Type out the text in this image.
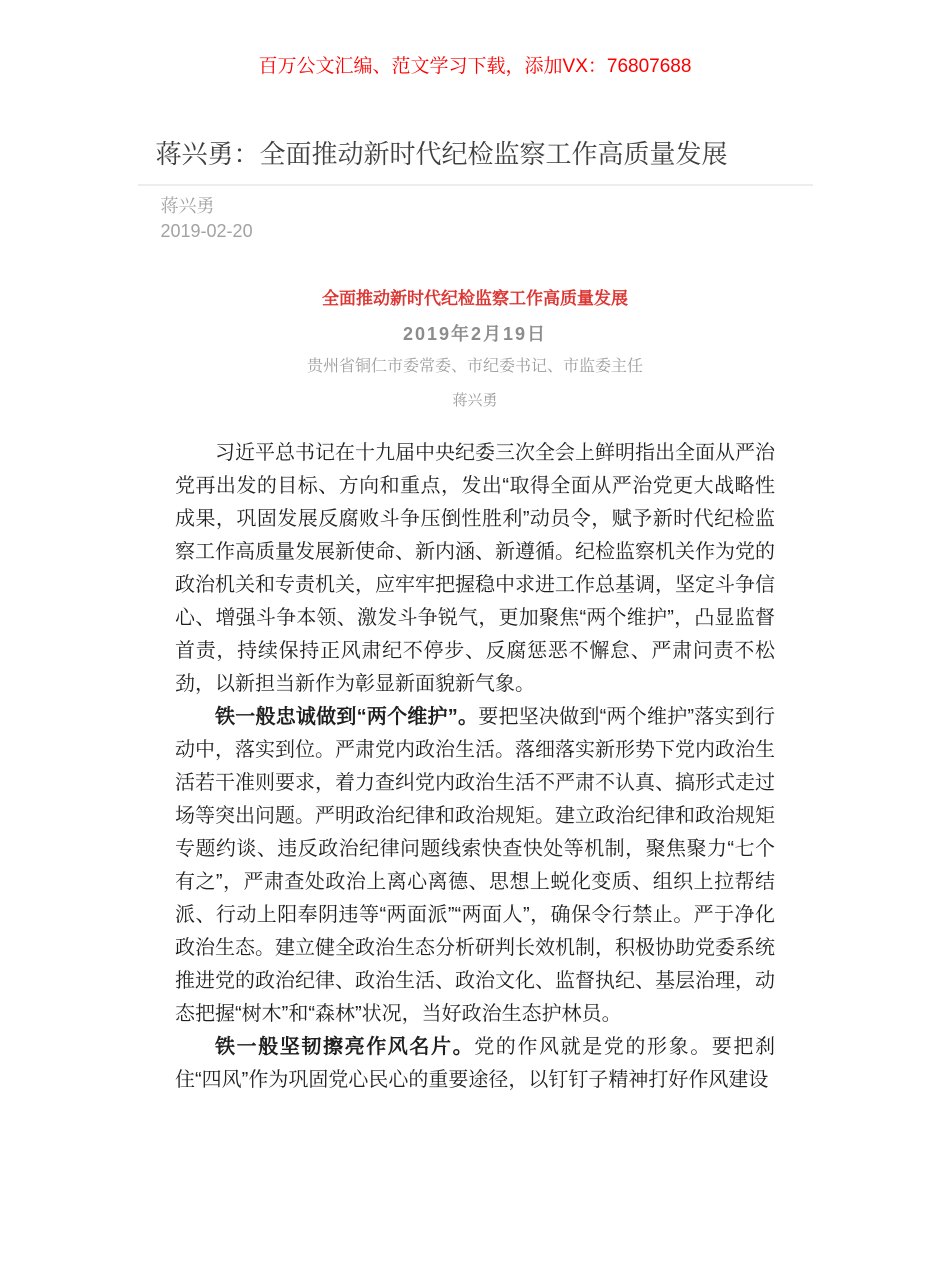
百万公文汇编、范文学习下载，添加VX：76807688
蒋兴勇：全面推动新时代纪检监察工作高质量发展
蒋兴勇
2019-02-20
全面推动新时代纪检监察工作高质量发展
2019年2月19日
贵州省铜仁市委常委、市纪委书记、市监委主任
蒋兴勇

习近平总书记在十九届中央纪委三次全会上鲜明指出全面从严治党再出发的目标、方向和重点，发出“取得全面从严治党更大战略性成果，巩固发展反腐败斗争压倒性胜利”动员令，赋予新时代纪检监察工作高质量发展新使命、新内涵、新遵循。纪检监察机关作为党的政治机关和专责机关，应牢牢把握稳中求进工作总基调，坚定斗争信心、增强斗争本领、激发斗争锐气，更加聚焦“两个维护”，凸显监督首责，持续保持正风肃纪不停步、反腐惩恶不懈怠、严肃问责不松劲，以新担当新作为彰显新面貌新气象。

铁一般忠诚做到“两个维护”。要把坚决做到“两个维护”落实到行动中，落实到位。严肃党内政治生活。落细落实新形势下党内政治生活若干准则要求，着力查纠党内政治生活不严肃不认真、搞形式走过场等突出问题。严明政治纪律和政治规矩。建立政治纪律和政治规矩专题约谈、违反政治纪律问题线索快查快处等机制，聚焦聚力“七个有之”，严肃查处政治上离心离德、思想上蜕化变质、组织上拉帮结派、行动上阳奉阴违等“两面派”“两面人”，确保令行禁止。严于净化政治生态。建立健全政治生态分析研判长效机制，积极协助党委系统推进党的政治纪律、政治生活、政治文化、监督执纪、基层治理，动态把握“树木”和“森林”状况，当好政治生态护林员。

铁一般坚韧擦亮作风名片。党的作风就是党的形象。要把刹住“四风”作为巩固党心民心的重要途径，以钉钉子精神打好作风建设
